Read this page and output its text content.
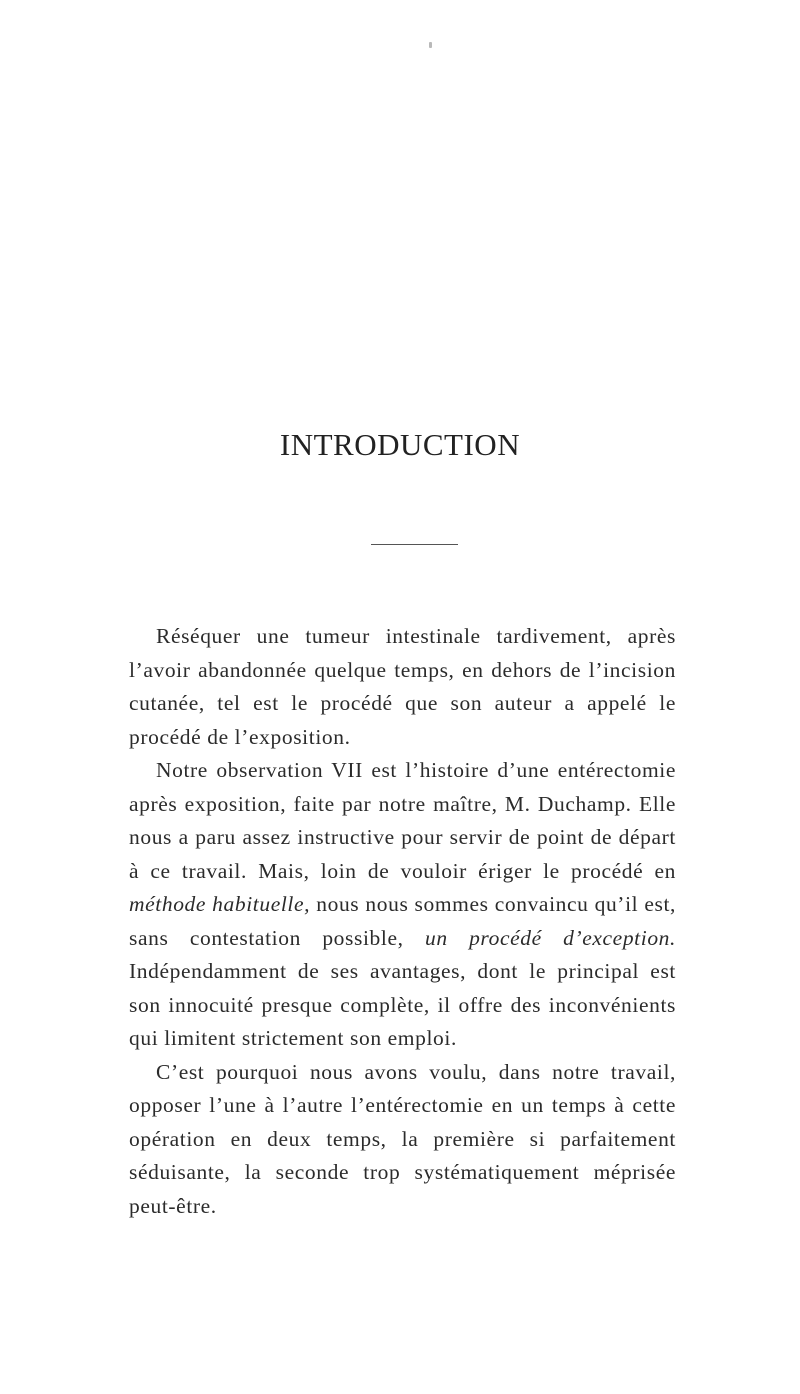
INTRODUCTION

Réséquer une tumeur intestinale tardivement, après l’avoir abandonnée quelque temps, en dehors de l’incision cutanée, tel est le procédé que son auteur a appelé le procédé de l’exposition.

Notre observation VII est l’histoire d’une entérectomie après exposition, faite par notre maître, M. Duchamp. Elle nous a paru assez instructive pour servir de point de départ à ce travail. Mais, loin de vouloir ériger le procédé en méthode habituelle, nous nous sommes convaincu qu’il est, sans contestation possible, un procédé d’exception. Indépendamment de ses avantages, dont le principal est son innocuité presque complète, il offre des inconvénients qui limitent strictement son emploi.

C’est pourquoi nous avons voulu, dans notre travail, opposer l’une à l’autre l’entérectomie en un temps à cette opération en deux temps, la première si parfaitement séduisante, la seconde trop systématiquement méprisée peut-être.
